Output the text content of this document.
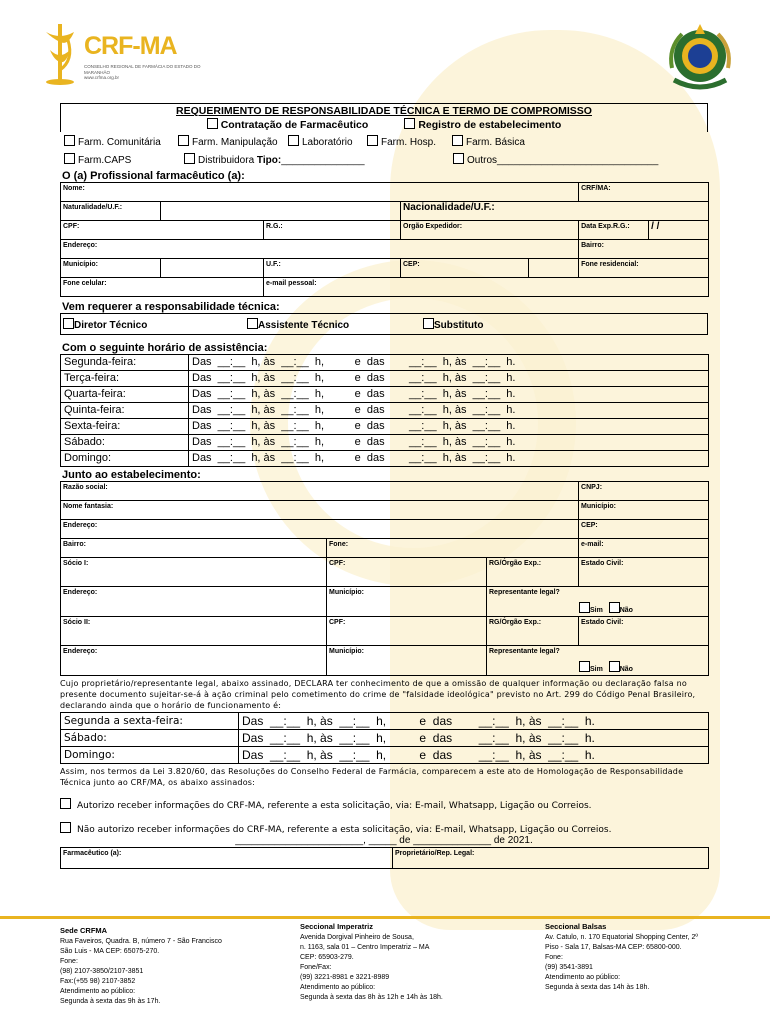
CRF-MA
CONSELHO REGIONAL DE FARMÁCIA DO ESTADO DO MARANHÃO
www.crfma.org.br
REQUERIMENTO DE RESPONSABILIDADE TÉCNICA E TERMO DE COMPROMISSO
Contratação de Farmacêutico	Registro de estabelecimento
Farm. Comunitária	Farm. Manipulação	Laboratório	Farm. Hosp.	Farm. Básica
Farm.CAPS	Distribuidora Tipo:_______________	Outros_____________________________
O (a) Profissional farmacêutico (a):
Nome:					CRF/MA:	
Naturalidade/U.F.:			Nacionalidade/U.F.:			
CPF:		R.G.:	Orgão Expedidor:		Data Exp.R.G.:	/ /
Endereço:					Bairro:	
Município:		U.F.:	CEP:		Fone residencial:	
Fone celular:		e-mail pessoal:				
Vem requerer a responsabilidade técnica:
Diretor Técnico	Assistente Técnico	Substituto
Com o seguinte horário de assistência:
Segunda-feira:	Das  __:__  h, às  __:__  h,          e  das        __:__  h, às  __:__  h.
Terça-feira:	Das  __:__  h, às  __:__  h,          e  das        __:__  h, às  __:__  h.
Quarta-feira:	Das  __:__  h, às  __:__  h,          e  das        __:__  h, às  __:__  h.
Quinta-feira:	Das  __:__  h, às  __:__  h,          e  das        __:__  h, às  __:__  h.
Sexta-feira:	Das  __:__  h, às  __:__  h,          e  das        __:__  h, às  __:__  h.
Sábado:	Das  __:__  h, às  __:__  h,          e  das        __:__  h, às  __:__  h.
Domingo:	Das  __:__  h, às  __:__  h,          e  das        __:__  h, às  __:__  h.
Junto ao estabelecimento:
Razão social:			CNPJ:
Nome fantasia:			Município:
Endereço:			CEP:
Bairro:	Fone:		e-mail:
Sócio I:	CPF:	RG/Órgão Exp.:	Estado Civil:
Endereço:	Município:	Representante legal?
Sim Não	

Sócio II:	CPF:	RG/Órgão Exp.:	Estado Civil:
Endereço:	Município:	Representante legal?
Sim Não	
Cujo proprietário/representante legal, abaixo assinado, DECLARA ter conhecimento de que a omissão de qualquer informação ou declaração falsa no presente documento sujeitar-se-á à ação criminal pelo cometimento do crime de "falsidade ideológica" previsto no Art. 299 do Código Penal Brasileiro, declarando ainda que o horário de funcionamento é:
Segunda a sexta-feira:	Das  __:__  h, às  __:__  h,          e  das        __:__  h, às  __:__  h.
Sábado:	Das  __:__  h, às  __:__  h,          e  das        __:__  h, às  __:__  h.
Domingo:	Das  __:__  h, às  __:__  h,          e  das        __:__  h, às  __:__  h.
Assim, nos termos da Lei 3.820/60, das Resoluções do Conselho Federal de Farmácia, comparecem a este ato de Homologação de Responsabilidade Técnica junto ao CRF/MA, os abaixo assinados:
Autorizo receber informações do CRF-MA, referente a esta solicitação, via: E-mail, Whatsapp, Ligação ou Correios.
Não autorizo receber informações do CRF-MA, referente a esta solicitação, via: E-mail, Whatsapp, Ligação ou Correios.
_______________________, _____ de ______________ de 2021.
Farmacêutico (a):	Proprietário/Rep. Legal:
Sede CRFMA
Rua Faveiros, Quadra. B, número 7 - São Francisco
São Luis - MA CEP: 65075-270.
Fone:
(98) 2107-3850/2107-3851
Fax:(+55 98) 2107-3852
Atendimento ao público:
Segunda à sexta das 9h às 17h.
Seccional Imperatriz
Avenida Dorgival Pinheiro de Sousa,
n. 1163, sala 01 – Centro Imperatriz – MA
CEP: 65903-279.
Fone/Fax:
(99) 3221-8981 e 3221-8989
Atendimento ao público:
Segunda à sexta das 8h às 12h e 14h às 18h.
Seccional Balsas
Av. Catulo, n. 170 Equatorial Shopping Center, 2º
Piso - Sala 17, Balsas-MA CEP: 65800-000.
Fone:
(99) 3541-3891
Atendimento ao público:
Segunda à sexta das 14h às 18h.
